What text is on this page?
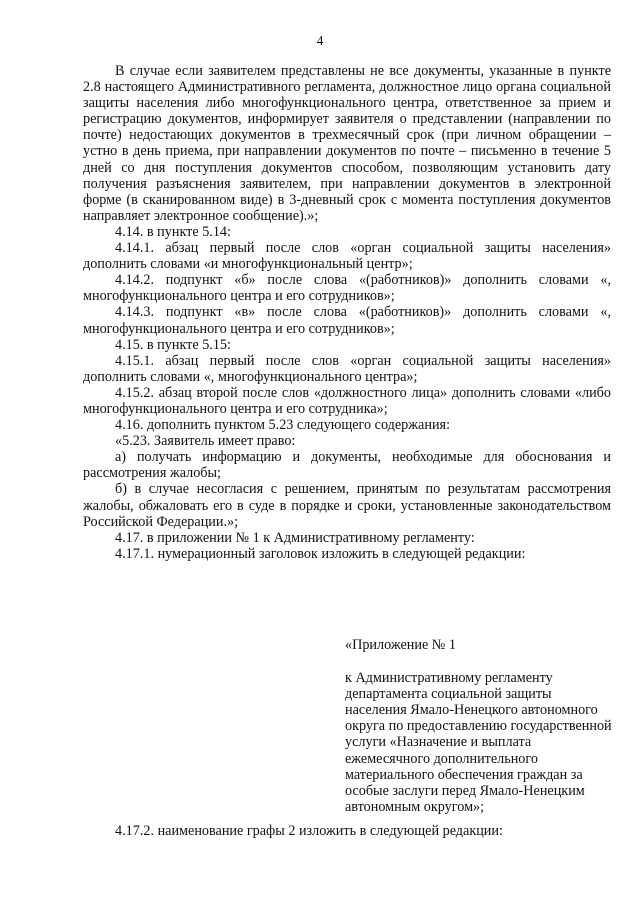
4

В случае если заявителем представлены не все документы, указанные в пункте 2.8 настоящего Административного регламента, должностное лицо органа социальной защиты населения либо многофункционального центра, ответственное за прием и регистрацию документов, информирует заявителя о представлении (направлении по почте) недостающих документов в трехмесячный срок (при личном обращении – устно в день приема, при направлении документов по почте – письменно в течение 5 дней со дня поступления документов способом, позволяющим установить дату получения разъяснения заявителем, при направлении документов в электронной форме (в сканированном виде) в 3-дневный срок с момента поступления документов направляет электронное сообщение).»;

4.14. в пункте 5.14:

4.14.1. абзац первый после слов «орган социальной защиты населения» дополнить словами «и многофункциональный центр»;

4.14.2. подпункт «б» после слова «(работников)» дополнить словами «, многофункционального центра и его сотрудников»;

4.14.3. подпункт «в» после слова «(работников)» дополнить словами «, многофункционального центра и его сотрудников»;

4.15. в пункте 5.15:

4.15.1. абзац первый после слов «орган социальной защиты населения» дополнить словами «, многофункционального центра»;

4.15.2. абзац второй после слов «должностного лица» дополнить словами «либо многофункционального центра и его сотрудника»;

4.16. дополнить пунктом 5.23 следующего содержания:

«5.23. Заявитель имеет право:

а) получать информацию и документы, необходимые для обоснования и рассмотрения жалобы;

б) в случае несогласия с решением, принятым по результатам рассмотрения жалобы, обжаловать его в суде в порядке и сроки, установленные законодательством Российской Федерации.»;

4.17. в приложении № 1 к Административному регламенту:

4.17.1. нумерационный заголовок изложить в следующей редакции:

«Приложение № 1

к Административному регламенту департамента социальной защиты населения Ямало-Ненецкого автономного округа по предоставлению государственной услуги «Назначение и выплата ежемесячного дополнительного материального обеспечения граждан за особые заслуги перед Ямало-Ненецким автономным округом»;

4.17.2. наименование графы 2 изложить в следующей редакции:
